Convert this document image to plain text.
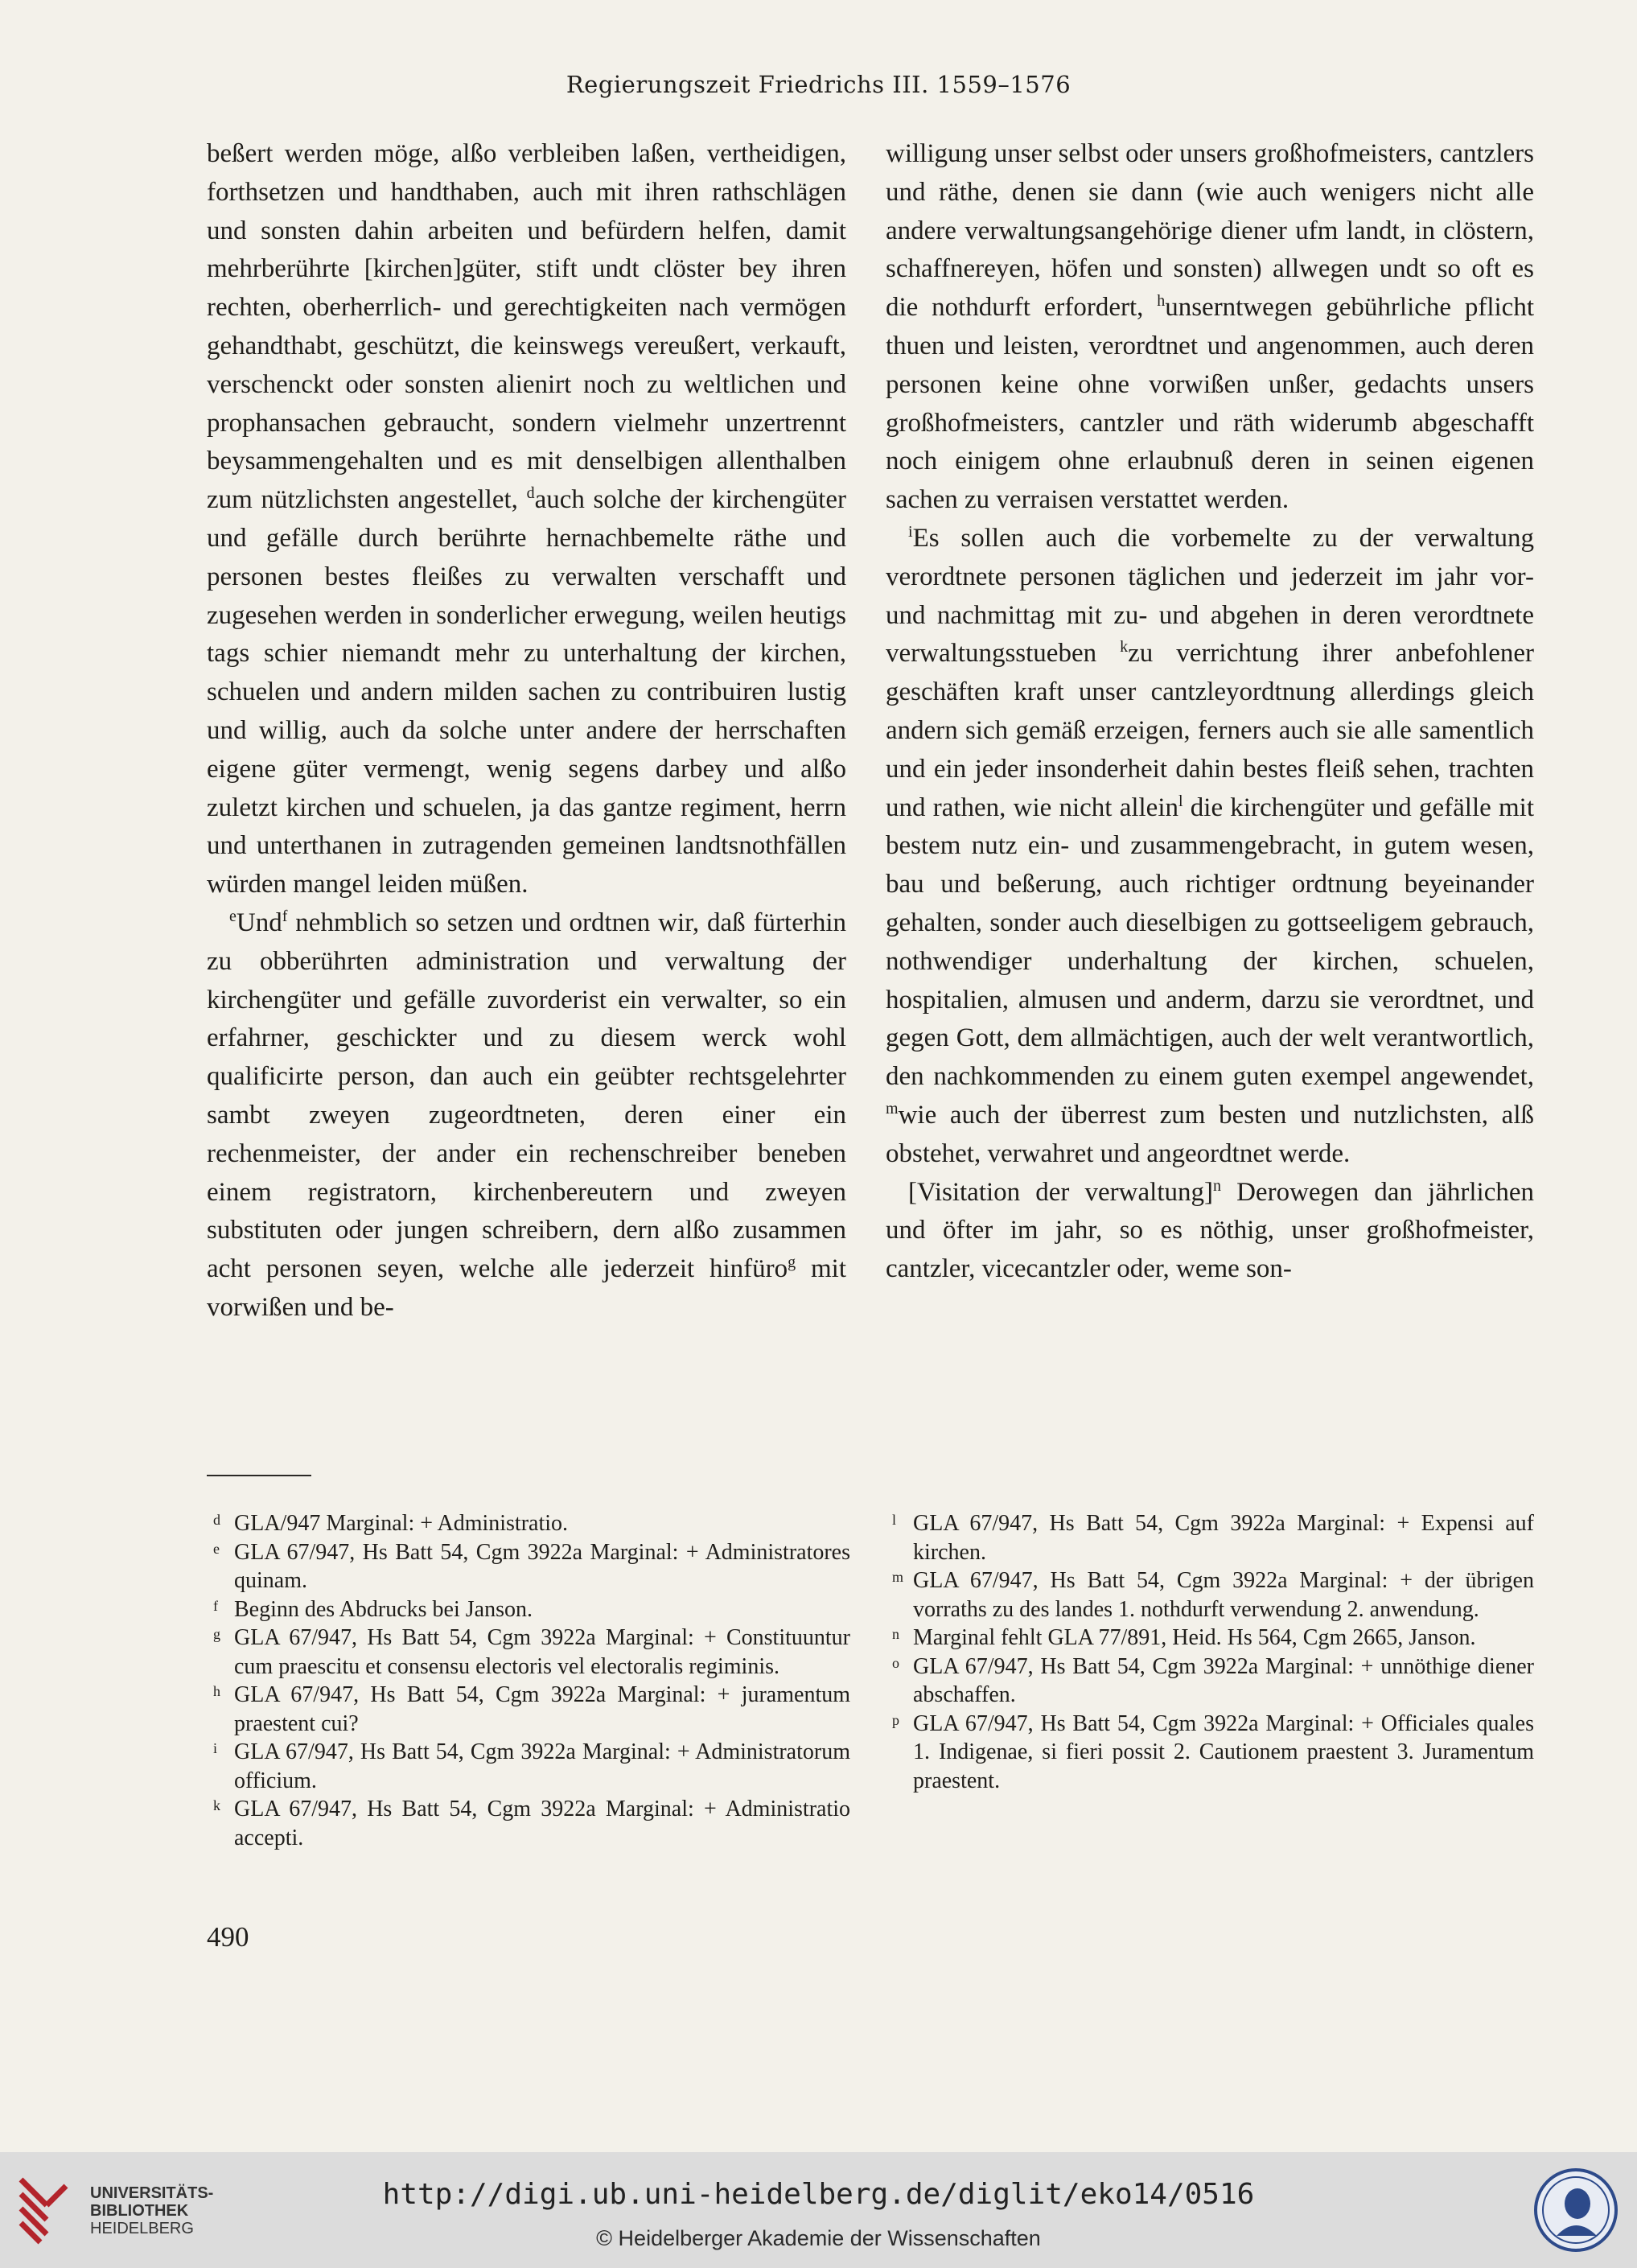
Regierungszeit Friedrichs III. 1559–1576

beßert werden möge, alßo verbleiben laßen, vertheidigen, forthsetzen und handthaben, auch mit ihren rathschlägen und sonsten dahin arbeiten und befürdern helfen, damit mehrberührte [kirchen]güter, stift undt clöster bey ihren rechten, oberherrlich- und gerechtigkeiten nach vermögen gehandthabt, geschützt, die keinswegs vereußert, verkauft, verschenckt oder sonsten alienirt noch zu weltlichen und prophansachen gebraucht, sondern vielmehr unzertrennt beysammengehalten und es mit denselbigen allenthalben zum nützlichsten angestellet, $^d$auch solche der kirchengüter und gefälle durch berührte hernachbemelte räthe und personen bestes fleißes zu verwalten verschafft und zugesehen werden in sonderlicher erwegung, weilen heutigs tags schier niemandt mehr zu unterhaltung der kirchen, schuelen und andern milden sachen zu contribuiren lustig und willig, auch da solche unter andere der herrschaften eigene güter vermengt, wenig segens darbey und alßo zuletzt kirchen und schuelen, ja das gantze regiment, herrn und unterthanen in zutragenden gemeinen landtsnothfällen würden mangel leiden müßen.

$^e$Und$^f$ nehmblich so setzen und ordtnen wir, daß fürterhin zu obberührten administration und verwaltung der kirchengüter und gefälle zuvorderist ein verwalter, so ein erfahrner, geschickter und zu diesem werck wohl qualificirte person, dan auch ein geübter rechtsgelehrter sambt zweyen zugeordtneten, deren einer ein rechenmeister, der ander ein rechenschreiber beneben einem registratorn, kirchenbereutern und zweyen substituten oder jungen schreibern, dern alßo zusammen acht personen seyen, welche alle jederzeit hinfüro$^g$ mit vorwißen und be-

willigung unser selbst oder unsers großhofmeisters, cantzlers und räthe, denen sie dann (wie auch wenigers nicht alle andere verwaltungsangehörige diener ufm landt, in clöstern, schaffnereyen, höfen und sonsten) allwegen undt so oft es die nothdurft erfordert, $^h$unserntwegen gebührliche pflicht thuen und leisten, verordtnet und angenommen, auch deren personen keine ohne vorwißen unßer, gedachts unsers großhofmeisters, cantzler und räth widerumb abgeschafft noch einigem ohne erlaubnuß deren in seinen eigenen sachen zu verraisen verstattet werden.

$^i$Es sollen auch die vorbemelte zu der verwaltung verordtnete personen täglichen und jederzeit im jahr vor- und nachmittag mit zu- und abgehen in deren verordtnete verwaltungsstueben $^k$zu verrichtung ihrer anbefohlener geschäften kraft unser cantzleyordtnung allerdings gleich andern sich gemäß erzeigen, ferners auch sie alle samentlich und ein jeder insonderheit dahin bestes fleiß sehen, trachten und rathen, wie nicht allein$^l$ die kirchengüter und gefälle mit bestem nutz ein- und zusammengebracht, in gutem wesen, bau und beßerung, auch richtiger ordtnung beyeinander gehalten, sonder auch dieselbigen zu gottseeligem gebrauch, nothwendiger underhaltung der kirchen, schuelen, hospitalien, almusen und anderm, darzu sie verordtnet, und gegen Gott, dem allmächtigen, auch der welt verantwortlich, den nachkommenden zu einem guten exempel angewendet, $^m$wie auch der überrest zum besten und nutzlichsten, alß obstehet, verwahret und angeordtnet werde.

[Visitation der verwaltung]$^n$ Derowegen dan jährlichen und öfter im jahr, so es nöthig, unser großhofmeister, cantzler, vicecantzler oder, weme son-

d GLA/947 Marginal: + Administratio.
e GLA 67/947, Hs Batt 54, Cgm 3922a Marginal: + Administratores quinam.
f Beginn des Abdrucks bei Janson.
g GLA 67/947, Hs Batt 54, Cgm 3922a Marginal: + Constituuntur cum praescitu et consensu electoris vel electoralis regiminis.
h GLA 67/947, Hs Batt 54, Cgm 3922a Marginal: + juramentum praestent cui?
i GLA 67/947, Hs Batt 54, Cgm 3922a Marginal: + Administratorum officium.
k GLA 67/947, Hs Batt 54, Cgm 3922a Marginal: + Administratio accepti.
l GLA 67/947, Hs Batt 54, Cgm 3922a Marginal: + Expensi auf kirchen.
m GLA 67/947, Hs Batt 54, Cgm 3922a Marginal: + der übrigen vorraths zu des landes 1. nothdurft verwendung 2. anwendung.
n Marginal fehlt GLA 77/891, Heid. Hs 564, Cgm 2665, Janson.
o GLA 67/947, Hs Batt 54, Cgm 3922a Marginal: + unnöthige diener abschaffen.
p GLA 67/947, Hs Batt 54, Cgm 3922a Marginal: + Officiales quales 1. Indigenae, si fieri possit 2. Cautionem praestent 3. Juramentum praestent.
490
UNIVERSITÄTS-
BIBLIOTHEK
HEIDELBERG
http://digi.ub.uni-heidelberg.de/diglit/eko14/0516
© Heidelberger Akademie der Wissenschaften
